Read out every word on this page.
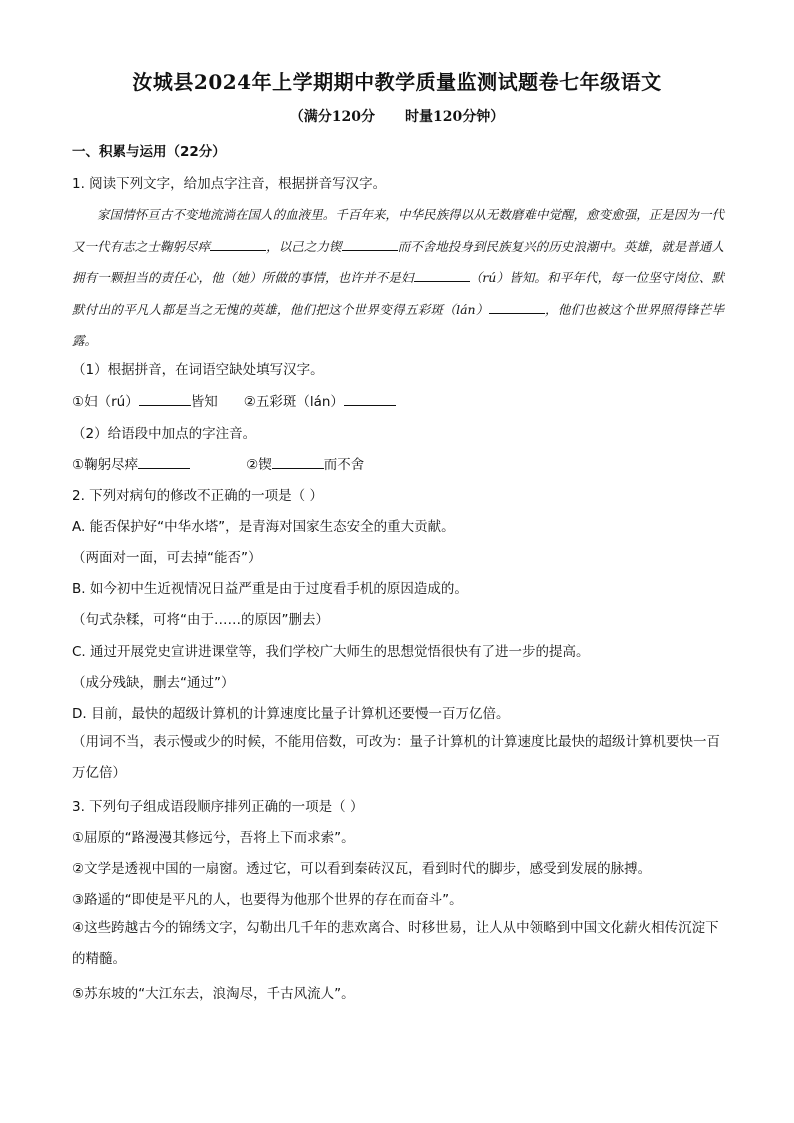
汝城县2024年上学期期中教学质量监测试题卷七年级语文
（满分120分 时量120分钟）
一、积累与运用（22分）
1. 阅读下列文字，给加点字注音，根据拼音写汉字。

家国情怀亘古不变地流淌在国人的血液里。千百年来，中华民族得以从无数磨难中觉醒，愈变愈强，正是因为一代又一代有志之士鞠躬尽瘁	，以己之力锲	而不舍地投身到民族复兴的历史浪潮中。英雄，就是普通人拥有一颗担当的责任心，他（她）所做的事情，也许并不是妇	（rú）皆知。和平年代，每一位坚守岗位、默默付出的平凡人都是当之无愧的英雄，他们把这个世界变得五彩斑（lán）	，他们也被这个世界照得锋芒毕露。

（1）根据拼音，在词语空缺处填写汉字。
①妇（rú）	皆知 ②五彩斑（lán）
（2）给语段中加点的字注音。
①鞠躬尽瘁	②锲	而不舍
2. 下列对病句的修改不正确的一项是（ ）
A. 能否保护好“中华水塔”，是青海对国家生态安全的重大贡献。
（两面对一面，可去掉“能否”）
B. 如今初中生近视情况日益严重是由于过度看手机的原因造成的。
（句式杂糅，可将“由于……的原因”删去）
C. 通过开展党史宣讲进课堂等，我们学校广大师生的思想觉悟很快有了进一步的提高。
（成分残缺，删去“通过”）
D. 目前，最快的超级计算机的计算速度比量子计算机还要慢一百万亿倍。
（用词不当，表示慢或少的时候，不能用倍数，可改为：量子计算机的计算速度比最快的超级计算机要快一百万亿倍）
3. 下列句子组成语段顺序排列正确的一项是（ ）
①屈原的“路漫漫其修远兮，吾将上下而求索”。
②文学是透视中国的一扇窗。透过它，可以看到秦砖汉瓦，看到时代的脚步，感受到发展的脉搏。
③路遥的“即使是平凡的人，也要得为他那个世界的存在而奋斗”。
④这些跨越古今的锦绣文字，勾勒出几千年的悲欢离合、时移世易，让人从中领略到中国文化薪火相传沉淀下的精髓。
⑤苏东坡的“大江东去，浪淘尽，千古风流人”。
